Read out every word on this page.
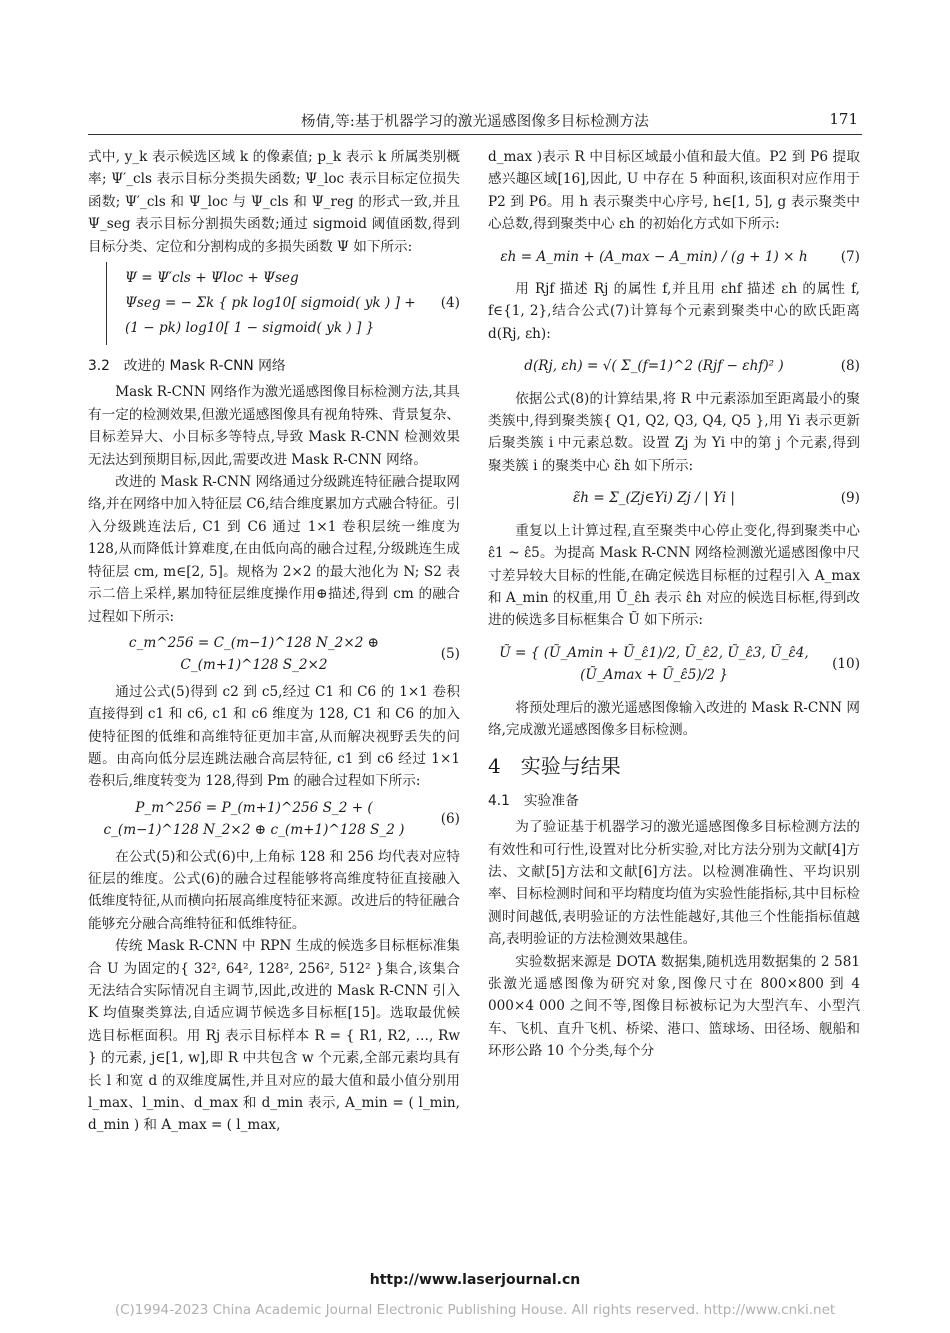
杨倩,等:基于机器学习的激光遥感图像多目标检测方法	171

式中, y_k 表示候选区域 k 的像素值; p_k 表示 k 所属类别概率; Ψ′_cls 表示目标分类损失函数; Ψ_loc 表示目标定位损失函数; Ψ′_cls 和 Ψ_loc 与 Ψ_cls 和 Ψ_reg 的形式一致,并且 Ψ_seg 表示目标分割损失函数;通过 sigmoid 阈值函数,得到目标分类、定位和分割构成的多损失函数 Ψ 如下所示:

Ψ = Ψ′cls + Ψloc + Ψseg
Ψseg = − Σk { pk log10[ sigmoid( yk ) ] +
(1 − pk) log10[ 1 − sigmoid( yk ) ] }
(4)
3.2　改进的 Mask R-CNN 网络

Mask R-CNN 网络作为激光遥感图像目标检测方法,其具有一定的检测效果,但激光遥感图像具有视角特殊、背景复杂、目标差异大、小目标多等特点,导致 Mask R-CNN 检测效果无法达到预期目标,因此,需要改进 Mask R-CNN 网络。

改进的 Mask R-CNN 网络通过分级跳连特征融合提取网络,并在网络中加入特征层 C6,结合维度累加方式融合特征。引入分级跳连法后, C1 到 C6 通过 1×1 卷积层统一维度为 128,从而降低计算难度,在由低向高的融合过程,分级跳连生成特征层 cm, m∈[2, 5]。规格为 2×2 的最大池化为 N; S2 表示二倍上采样,累加特征层维度操作用⊕描述,得到 cm 的融合过程如下所示:

c_m^256 = C_(m−1)^128 N_2×2 ⊕ C_(m+1)^128 S_2×2
(5)

通过公式(5)得到 c2 到 c5,经过 C1 和 C6 的 1×1 卷积直接得到 c1 和 c6, c1 和 c6 维度为 128, C1 和 C6 的加入使特征图的低维和高维特征更加丰富,从而解决视野丢失的问题。由高向低分层连跳法融合高层特征, c1 到 c6 经过 1×1 卷积后,维度转变为 128,得到 Pm 的融合过程如下所示:

P_m^256 = P_(m+1)^256 S_2 + ( c_(m−1)^128 N_2×2 ⊕ c_(m+1)^128 S_2 )
(6)

在公式(5)和公式(6)中,上角标 128 和 256 均代表对应特征层的维度。公式(6)的融合过程能够将高维度特征直接融入低维度特征,从而横向拓展高维度特征来源。改进后的特征融合能够充分融合高维特征和低维特征。

传统 Mask R-CNN 中 RPN 生成的候选多目标框标准集合 U 为固定的{ 32², 64², 128², 256², 512² }集合,该集合无法结合实际情况自主调节,因此,改进的 Mask R-CNN 引入 K 均值聚类算法,自适应调节候选多目标框[15]。选取最优候选目标框面积。用 Rj 表示目标样本 R = { R1, R2, …, Rw } 的元素, j∈[1, w],即 R 中共包含 w 个元素,全部元素均具有长 l 和宽 d 的双维度属性,并且对应的最大值和最小值分别用 l_max、l_min、d_max 和 d_min 表示, A_min = ( l_min, d_min ) 和 A_max = ( l_max,

d_max )表示 R 中目标区域最小值和最大值。P2 到 P6 提取感兴趣区域[16],因此, U 中存在 5 种面积,该面积对应作用于 P2 到 P6。用 h 表示聚类中心序号, h∈[1, 5], g 表示聚类中心总数,得到聚类中心 εh 的初始化方式如下所示:

εh = A_min + (A_max − A_min) / (g + 1) × h	(7)

用 Rjf 描述 Rj 的属性 f,并且用 εhf 描述 εh 的属性 f, f∈{1, 2},结合公式(7)计算每个元素到聚类中心的欧氏距离 d(Rj, εh):

d(Rj, εh) = √( Σ_(f=1)^2 (Rjf − εhf)² )	(8)

依据公式(8)的计算结果,将 R 中元素添加至距离最小的聚类簇中,得到聚类簇{ Q1, Q2, Q3, Q4, Q5 },用 Yi 表示更新后聚类簇 i 中元素总数。设置 Zj 为 Yi 中的第 j 个元素,得到聚类簇 i 的聚类中心 ε̃h 如下所示:

ε̃h = Σ_(Zj∈Yi) Zj / | Yi |	(9)

重复以上计算过程,直至聚类中心停止变化,得到聚类中心 ε̂1 ~ ε̂5。为提高 Mask R-CNN 网络检测激光遥感图像中尺寸差异较大目标的性能,在确定候选目标框的过程引入 A_max 和 A_min 的权重,用 Ũ_ε̂h 表示 ε̂h 对应的候选目标框,得到改进的候选多目标框集合 Ũ 如下所示:

Ũ = { (Ũ_Amin + Ũ_ε̂1)/2, Ũ_ε̂2, Ũ_ε̂3, Ũ_ε̂4, (Ũ_Amax + Ũ_ε̂5)/2 }
(10)

将预处理后的激光遥感图像输入改进的 Mask R-CNN 网络,完成激光遥感图像多目标检测。

4　实验与结果
4.1　实验准备

为了验证基于机器学习的激光遥感图像多目标检测方法的有效性和可行性,设置对比分析实验,对比方法分别为文献[4]方法、文献[5]方法和文献[6]方法。以检测准确性、平均识别率、目标检测时间和平均精度均值为实验性能指标,其中目标检测时间越低,表明验证的方法性能越好,其他三个性能指标值越高,表明验证的方法检测效果越佳。

实验数据来源是 DOTA 数据集,随机选用数据集的 2 581 张激光遥感图像为研究对象,图像尺寸在 800×800 到 4 000×4 000 之间不等,图像目标被标记为大型汽车、小型汽车、飞机、直升飞机、桥梁、港口、篮球场、田径场、舰船和环形公路 10 个分类,每个分

http://www.laserjournal.cn
(C)1994-2023 China Academic Journal Electronic Publishing House. All rights reserved. http://www.cnki.net
